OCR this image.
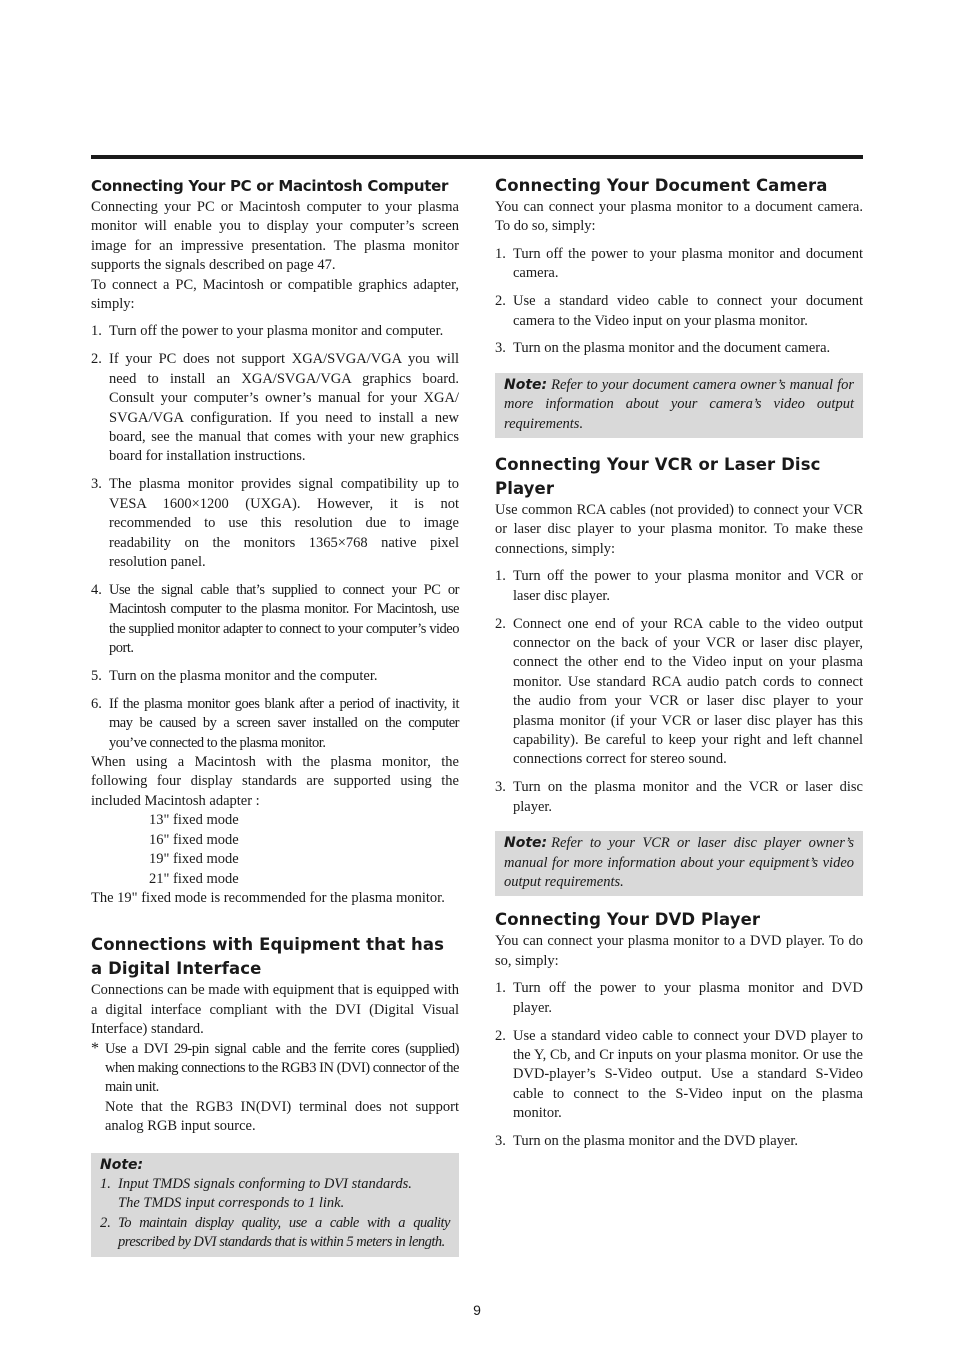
Connecting Your PC or Macintosh Computer

Connecting your PC or Macintosh computer to your plasma monitor will enable you to display your computer’s screen image for an impressive presentation. The plasma monitor supports the signals described on page 47.

To connect a PC, Macintosh or compatible graphics adapter, simply:

1. Turn off the power to your plasma monitor and computer.
2. If your PC does not support XGA/SVGA/VGA you will need to install an XGA/SVGA/VGA graphics board. Consult your computer’s owner’s manual for your XGA/ SVGA/VGA configuration. If you need to install a new board, see the manual that comes with your new graphics board for installation instructions.
3. The plasma monitor provides signal compatibility up to VESA 1600×1200 (UXGA). However, it is not recommended to use this resolution due to image readability on the monitors 1365×768 native pixel resolution panel.
4. Use the signal cable that’s supplied to connect your PC or Macintosh computer to the plasma monitor. For Macintosh, use the supplied monitor adapter to connect to your computer’s video port.
5. Turn on the plasma monitor and the computer.
6. If the plasma monitor goes blank after a period of inactivity, it may be caused by a screen saver installed on the computer you’ve connected to the plasma monitor.

When using a Macintosh with the plasma monitor, the following four display standards are supported using the included Macintosh adapter :

13" fixed mode
16" fixed mode
19" fixed mode
21" fixed mode

The 19" fixed mode is recommended for the plasma monitor.

Connections with Equipment that has a Digital Interface

Connections can be made with equipment that is equipped with a digital interface compliant with the DVI (Digital Visual Interface) standard.

* Use a DVI 29-pin signal cable and the ferrite cores (supplied) when making connections to the RGB3 IN (DVI) connector of the main unit.

Note that the RGB3 IN(DVI) terminal does not support analog RGB input source.

Note:
1. Input TMDS signals conforming to DVI standards.
The TMDS input corresponds to 1 link.
2. To maintain display quality, use a cable with a quality prescribed by DVI standards that is within 5 meters in length.
Connecting Your Document Camera

You can connect your plasma monitor to a document camera. To do so, simply:

1. Turn off the power to your plasma monitor and document camera.
2. Use a standard video cable to connect your document camera to the Video input on your plasma monitor.
3. Turn on the plasma monitor and the document camera.
Note: Refer to your document camera owner’s manual for more information about your camera’s video output requirements.
Connecting Your VCR or Laser Disc Player

Use common RCA cables (not provided) to connect your VCR or laser disc player to your plasma monitor. To make these connections, simply:

1. Turn off the power to your plasma monitor and VCR or laser disc player.
2. Connect one end of your RCA cable to the video output connector on the back of your VCR or laser disc player, connect the other end to the Video input on your plasma monitor. Use standard RCA audio patch cords to connect the audio from your VCR or laser disc player to your plasma monitor (if your VCR or laser disc player has this capability). Be careful to keep your right and left channel connections correct for stereo sound.
3. Turn on the plasma monitor and the VCR or laser disc player.
Note: Refer to your VCR or laser disc player owner’s manual for more information about your equipment’s video output requirements.
Connecting Your DVD Player

You can connect your plasma monitor to a DVD player. To do so, simply:

1. Turn off the power to your plasma monitor and DVD player.
2. Use a standard video cable to connect your DVD player to the Y, Cb, and Cr inputs on your plasma monitor. Or use the DVD-player’s S-Video output. Use a standard S-Video cable to connect to the S-Video input on the plasma monitor.
3. Turn on the plasma monitor and the DVD player.
9
